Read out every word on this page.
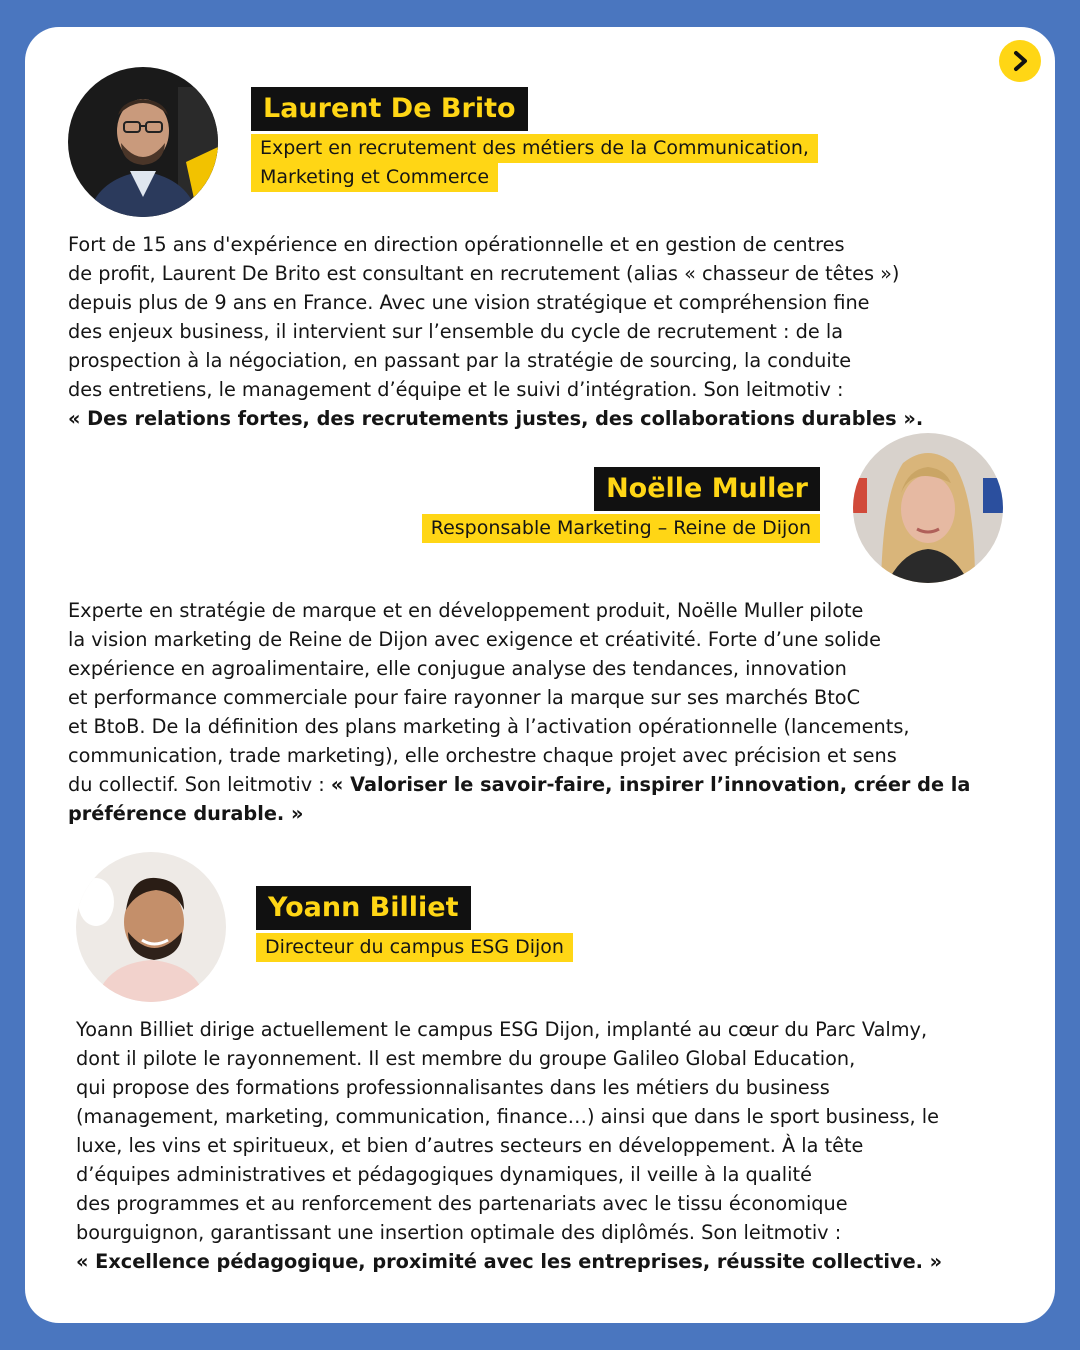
Laurent De Brito
Expert en recrutement des métiers de la Communication,
Marketing et Commerce
Fort de 15 ans d'expérience en direction opérationnelle et en gestion de centres
de profit, Laurent De Brito est consultant en recrutement (alias « chasseur de têtes »)
depuis plus de 9 ans en France. Avec une vision stratégique et compréhension fine
des enjeux business, il intervient sur l’ensemble du cycle de recrutement : de la
prospection à la négociation, en passant par la stratégie de sourcing, la conduite
des entretiens, le management d’équipe et le suivi d’intégration. Son leitmotiv :
« Des relations fortes, des recrutements justes, des collaborations durables ».
Noëlle Muller
Responsable Marketing – Reine de Dijon
Experte en stratégie de marque et en développement produit, Noëlle Muller pilote
la vision marketing de Reine de Dijon avec exigence et créativité. Forte d’une solide
expérience en agroalimentaire, elle conjugue analyse des tendances, innovation
et performance commerciale pour faire rayonner la marque sur ses marchés BtoC
et BtoB. De la définition des plans marketing à l’activation opérationnelle (lancements,
communication, trade marketing), elle orchestre chaque projet avec précision et sens
du collectif. Son leitmotiv : « Valoriser le savoir-faire, inspirer l’innovation, créer de la
préférence durable. »
Yoann Billiet
Directeur du campus ESG Dijon
Yoann Billiet dirige actuellement le campus ESG Dijon, implanté au cœur du Parc Valmy,
dont il pilote le rayonnement. Il est membre du groupe Galileo Global Education,
qui propose des formations professionnalisantes dans les métiers du business
(management, marketing, communication, finance…) ainsi que dans le sport business, le
luxe, les vins et spiritueux, et bien d’autres secteurs en développement. À la tête
d’équipes administratives et pédagogiques dynamiques, il veille à la qualité
des programmes et au renforcement des partenariats avec le tissu économique
bourguignon, garantissant une insertion optimale des diplômés. Son leitmotiv :
« Excellence pédagogique, proximité avec les entreprises, réussite collective. »
